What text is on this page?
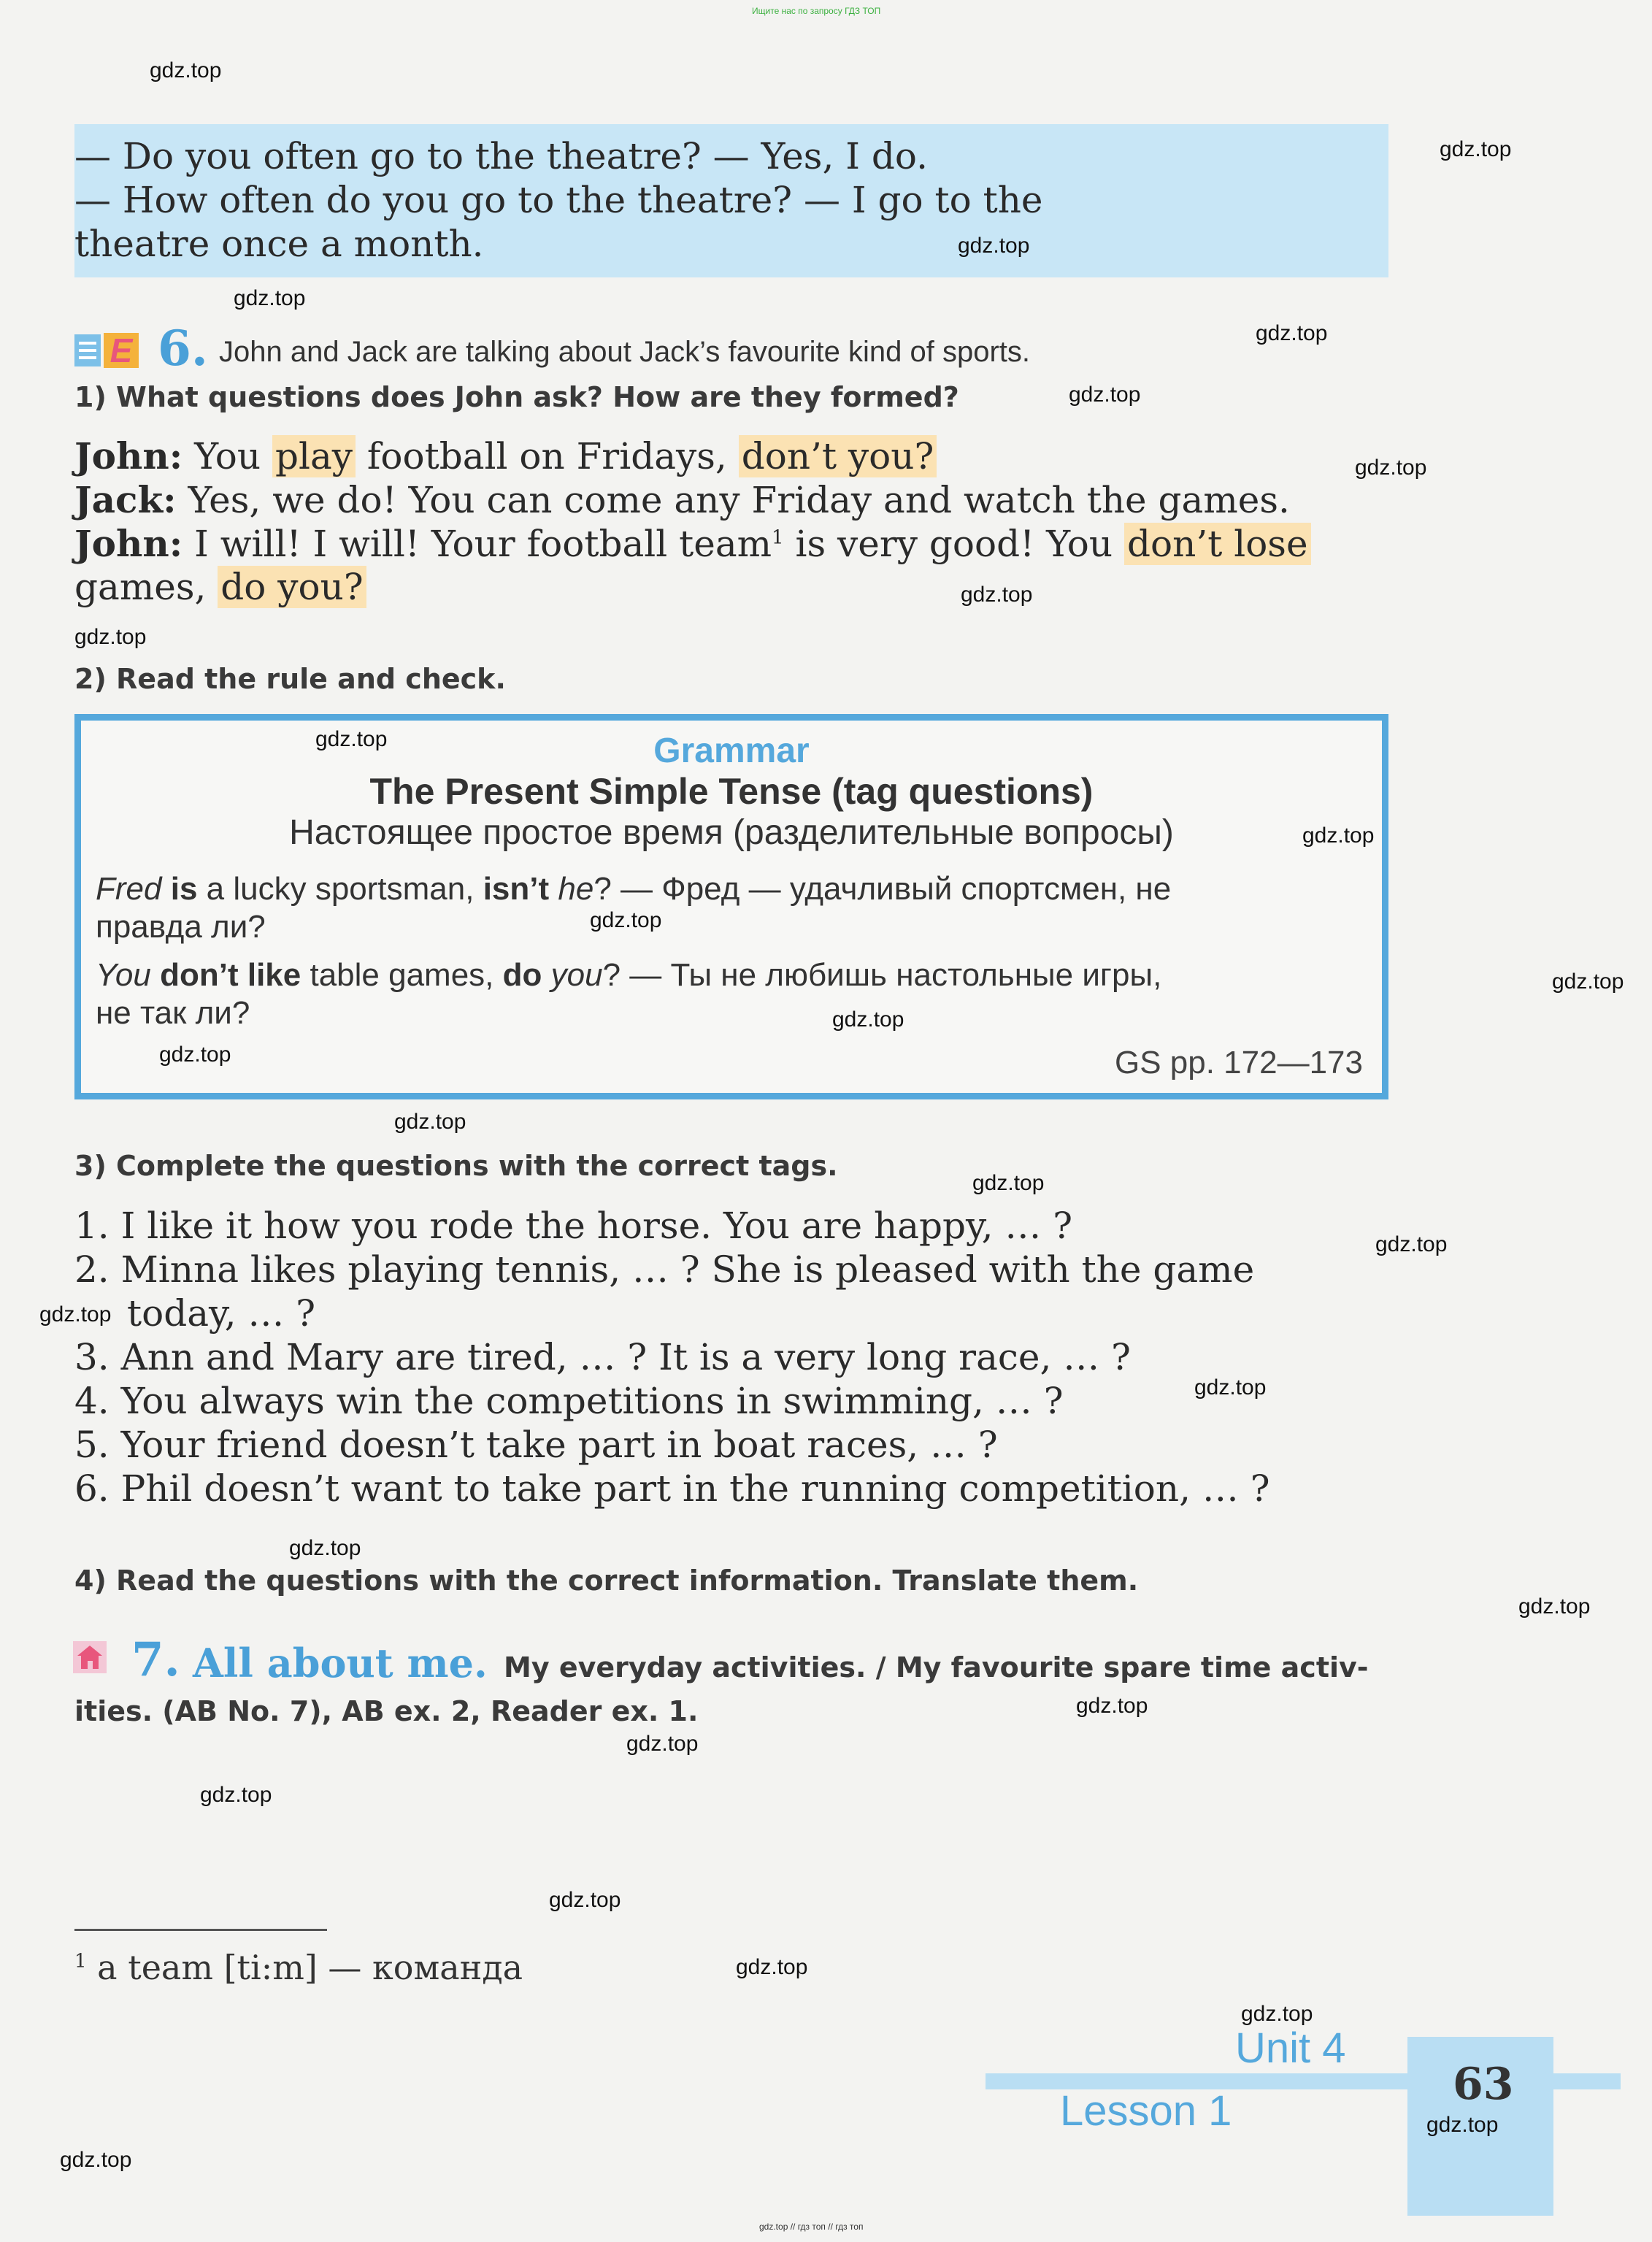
Ищите нас по запросу ГДЗ ТОП
gdz.top // гдз топ // гдз топ
— Do you often go to the theatre? — Yes, I do.
— How often do you go to the theatre? — I go to the
theatre once a month.
E 6. John and Jack are talking about Jack’s favourite kind of sports.
1) What questions does John ask? How are they formed?
John: You play football on Fridays, don’t you?
Jack: Yes, we do! You can come any Friday and watch the games.
John: I will! I will! Your football team$^1$ is very good! You don’t lose
games, do you?
2) Read the rule and check.
Grammar
The Present Simple Tense (tag questions)
Настоящее простое время (разделительные вопросы)
Fred is a lucky sportsman, isn’t he? — Фред — удачливый спортсмен, не
правда ли?
You don’t like table games, do you? — Ты не любишь настольные игры,
не так ли?
GS pp. 172—173
3) Complete the questions with the correct tags.
1. I like it how you rode the horse. You are happy, … ?
2. Minna likes playing tennis, … ? She is pleased with the game
today, … ?
3. Ann and Mary are tired, … ? It is a very long race, … ?
4. You always win the competitions in swimming, … ?
5. Your friend doesn’t take part in boat races, … ?
6. Phil doesn’t want to take part in the running competition, … ?
4) Read the questions with the correct information. Translate them.
7. All about me. My everyday activities. / My favourite spare time activ-
ities. (AB No. 7), AB ex. 2, Reader ex. 1.
$^1$ a team [ti:m] — команда
Unit 4
Lesson 1
63
gdz.top
gdz.top
gdz.top
gdz.top
gdz.top
gdz.top
gdz.top
gdz.top
gdz.top
gdz.top
gdz.top
gdz.top
gdz.top
gdz.top
gdz.top
gdz.top
gdz.top
gdz.top
gdz.top
gdz.top
gdz.top
gdz.top
gdz.top
gdz.top
gdz.top
gdz.top
gdz.top
gdz.top
gdz.top
gdz.top
